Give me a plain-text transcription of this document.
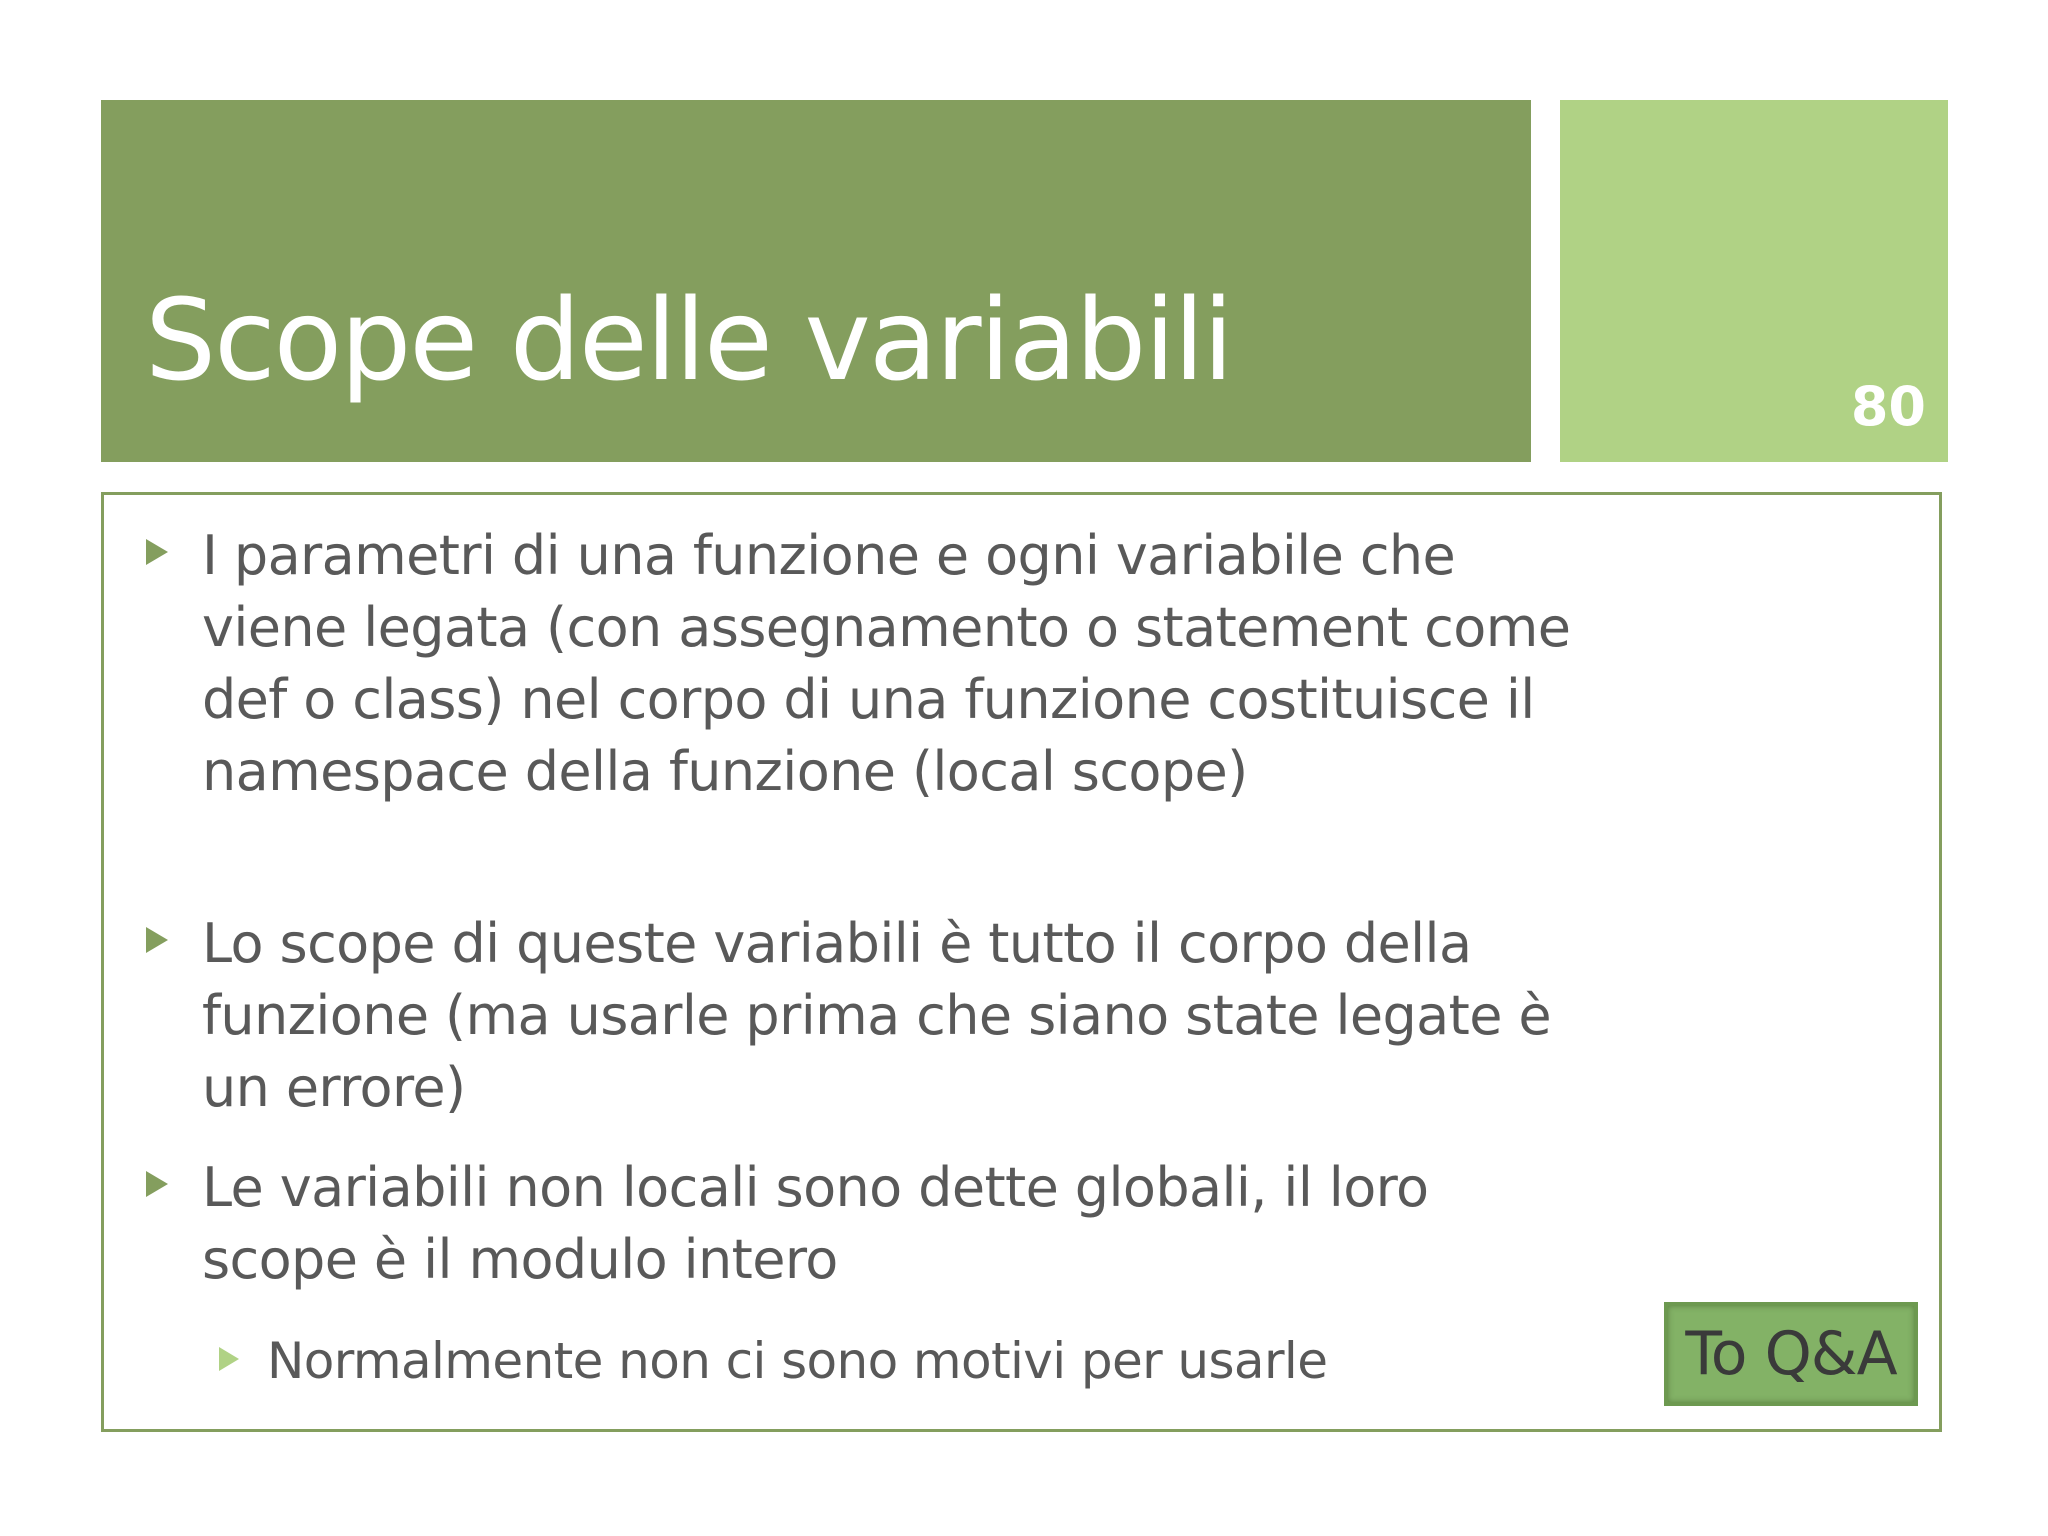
Scope delle variabili
80
I parametri di una funzione e ogni variabile che viene legata (con assegnamento o statement come def o class) nel corpo di una funzione costituisce il namespace della funzione (local scope)
Lo scope di queste variabili è tutto il corpo della funzione (ma usarle prima che siano state legate è un errore)
Le variabili non locali sono dette globali, il loro scope è il modulo intero
Normalmente non ci sono motivi per usarle	To Q&A
